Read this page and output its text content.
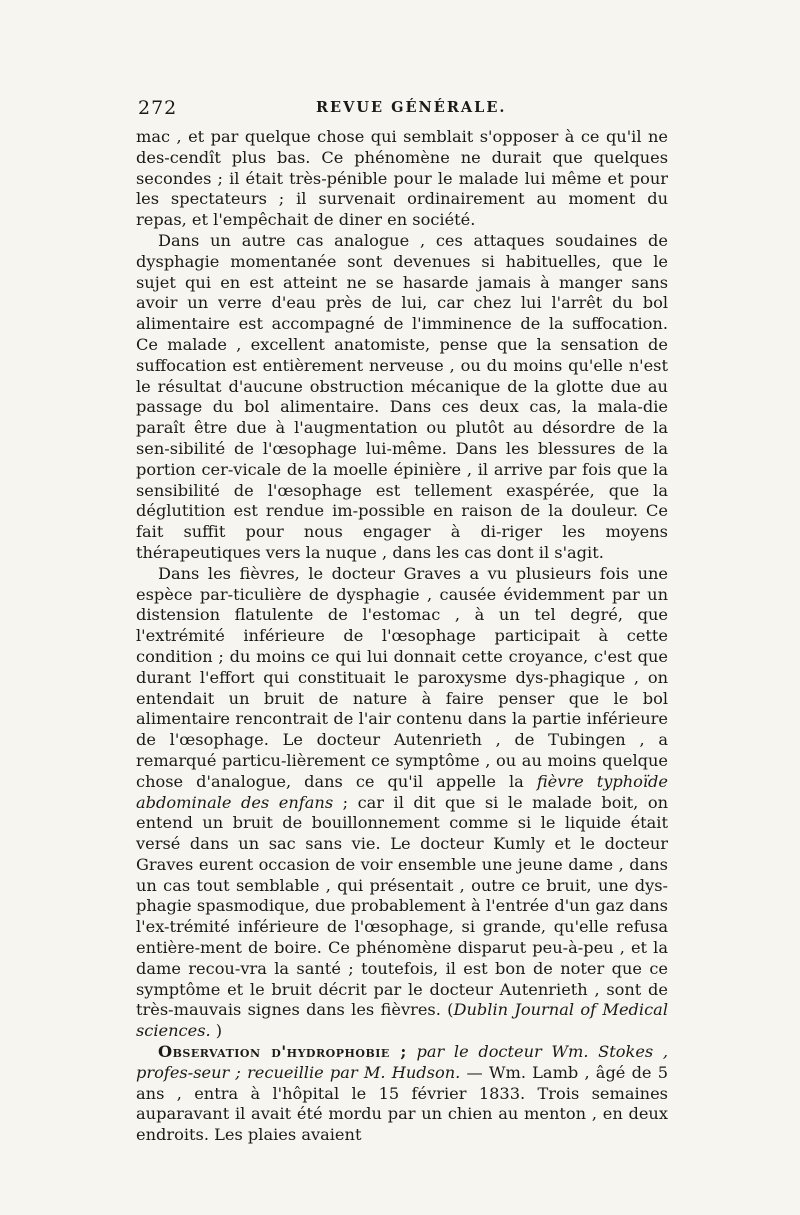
272	REVUE GÉNÉRALE.

mac , et par quelque chose qui semblait s'opposer à ce qu'il ne des-cendît plus bas. Ce phénomène ne durait que quelques secondes ; il était très-pénible pour le malade lui même et pour les spectateurs ; il survenait ordinairement au moment du repas, et l'empêchait de diner en société.

Dans un autre cas analogue , ces attaques soudaines de dysphagie momentanée sont devenues si habituelles, que le sujet qui en est atteint ne se hasarde jamais à manger sans avoir un verre d'eau près de lui, car chez lui l'arrêt du bol alimentaire est accompagné de l'imminence de la suffocation. Ce malade , excellent anatomiste, pense que la sensation de suffocation est entièrement nerveuse , ou du moins qu'elle n'est le résultat d'aucune obstruction mécanique de la glotte due au passage du bol alimentaire. Dans ces deux cas, la mala-die paraît être due à l'augmentation ou plutôt au désordre de la sen-sibilité de l'œsophage lui-même. Dans les blessures de la portion cer-vicale de la moelle épinière , il arrive par fois que la sensibilité de l'œsophage est tellement exaspérée, que la déglutition est rendue im-possible en raison de la douleur. Ce fait suffit pour nous engager à di-riger les moyens thérapeutiques vers la nuque , dans les cas dont il s'agit.

Dans les fièvres, le docteur Graves a vu plusieurs fois une espèce par-ticulière de dysphagie , causée évidemment par un distension flatulente de l'estomac , à un tel degré, que l'extrémité inférieure de l'œsophage participait à cette condition ; du moins ce qui lui donnait cette croyance, c'est que durant l'effort qui constituait le paroxysme dys-phagique , on entendait un bruit de nature à faire penser que le bol alimentaire rencontrait de l'air contenu dans la partie inférieure de l'œsophage. Le docteur Autenrieth , de Tubingen , a remarqué particu-lièrement ce symptôme , ou au moins quelque chose d'analogue, dans ce qu'il appelle la fièvre typhoïde abdominale des enfans ; car il dit que si le malade boit, on entend un bruit de bouillonnement comme si le liquide était versé dans un sac sans vie. Le docteur Kumly et le docteur Graves eurent occasion de voir ensemble une jeune dame , dans un cas tout semblable , qui présentait , outre ce bruit, une dys-phagie spasmodique, due probablement à l'entrée d'un gaz dans l'ex-trémité inférieure de l'œsophage, si grande, qu'elle refusa entière-ment de boire. Ce phénomène disparut peu-à-peu , et la dame recou-vra la santé ; toutefois, il est bon de noter que ce symptôme et le bruit décrit par le docteur Autenrieth , sont de très-mauvais signes dans les fièvres. (Dublin Journal of Medical sciences. )

Observation d'hydrophobie ; par le docteur Wm. Stokes , profes-seur ; recueillie par M. Hudson. — Wm. Lamb , âgé de 5 ans , entra à l'hôpital le 15 février 1833. Trois semaines auparavant il avait été mordu par un chien au menton , en deux endroits. Les plaies avaient
